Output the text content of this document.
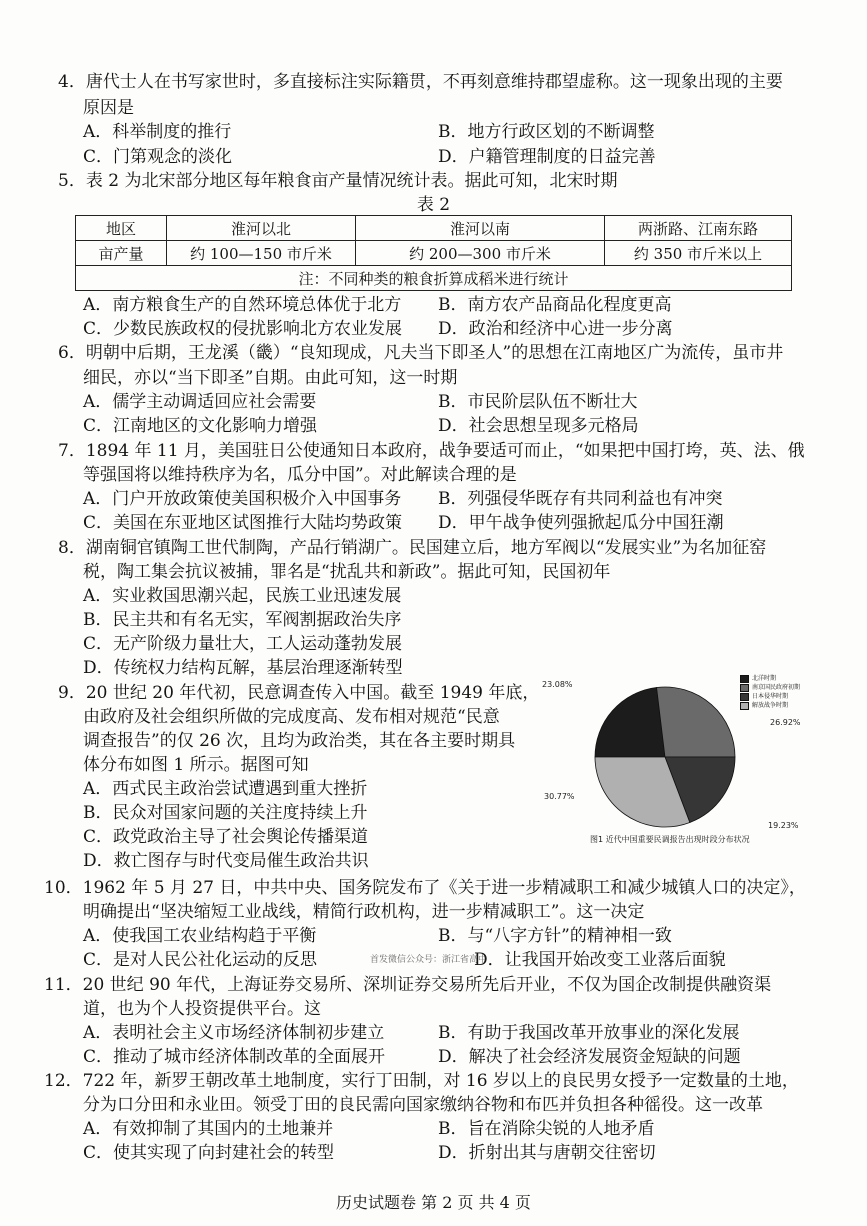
4．唐代士人在书写家世时，多直接标注实际籍贯，不再刻意维持郡望虚称。这一现象出现的主要
原因是
A．科举制度的推行	B．地方行政区划的不断调整
C．门第观念的淡化	D．户籍管理制度的日益完善
5．表 2 为北宋部分地区每年粮食亩产量情况统计表。据此可知，北宋时期
表 2
地区	淮河以北	淮河以南	两浙路、江南东路
亩产量	约 100—150 市斤米	约 200—300 市斤米	约 350 市斤米以上
注：不同种类的粮食折算成稻米进行统计			
A．南方粮食生产的自然环境总体优于北方 B．南方农产品商品化程度更高
C．少数民族政权的侵扰影响北方农业发展 D．政治和经济中心进一步分离
6．明朝中后期，王龙溪（畿）“良知现成，凡夫当下即圣人”的思想在江南地区广为流传，虽市井
细民，亦以“当下即圣”自期。由此可知，这一时期
A．儒学主动调适回应社会需要	B．市民阶层队伍不断壮大
C．江南地区的文化影响力增强	D．社会思想呈现多元格局
7．1894 年 11 月，美国驻日公使通知日本政府，战争要适可而止，“如果把中国打垮，英、法、俄
等强国将以维持秩序为名，瓜分中国”。对此解读合理的是
A．门户开放政策使美国积极介入中国事务 B．列强侵华既存有共同利益也有冲突
C．美国在东亚地区试图推行大陆均势政策 D．甲午战争使列强掀起瓜分中国狂潮
8．湖南铜官镇陶工世代制陶，产品行销湖广。民国建立后，地方军阀以“发展实业”为名加征窑
税，陶工集会抗议被捕，罪名是“扰乱共和新政”。据此可知，民国初年
A．实业救国思潮兴起，民族工业迅速发展
B．民主共和有名无实，军阀割据政治失序
C．无产阶级力量壮大，工人运动蓬勃发展
D．传统权力结构瓦解，基层治理逐渐转型
9．20 世纪 20 年代初，民意调查传入中国。截至 1949 年底，
由政府及社会组织所做的完成度高、发布相对规范“民意
调查报告”的仅 26 次，且均为政治类，其在各主要时期具
体分布如图 1 所示。据图可知
A．西式民主政治尝试遭遇到重大挫折
B．民众对国家问题的关注度持续上升
C．政党政治主导了社会舆论传播渠道
D．救亡图存与时代变局催生政治共识
北洋时期
南京国民政府初期
日本侵华时期
解放战争时期
23.08%
26.92%
19.23%
30.77%
图1 近代中国重要民调报告出现时段分布状况
10．1962 年 5 月 27 日，中共中央、国务院发布了《关于进一步精减职工和减少城镇人口的决定》，
明确提出“坚决缩短工业战线，精简行政机构，进一步精减职工”。这一决定
A．使我国工农业结构趋于平衡	B．与“八字方针”的精神相一致
C．是对人民公社化运动的反思	首发微信公众号：浙江省高中
D．让我国开始改变工业落后面貌
11．20 世纪 90 年代，上海证券交易所、深圳证券交易所先后开业，不仅为国企改制提供融资渠
道，也为个人投资提供平台。这
A．表明社会主义市场经济体制初步建立	B．有助于我国改革开放事业的深化发展
C．推动了城市经济体制改革的全面展开	D．解决了社会经济发展资金短缺的问题
12．722 年，新罗王朝改革土地制度，实行丁田制，对 16 岁以上的良民男女授予一定数量的土地，
分为口分田和永业田。领受丁田的良民需向国家缴纳谷物和布匹并负担各种徭役。这一改革
A．有效抑制了其国内的土地兼并	B．旨在消除尖锐的人地矛盾
C．使其实现了向封建社会的转型	D．折射出其与唐朝交往密切
历史试题卷 第 2 页 共 4 页
